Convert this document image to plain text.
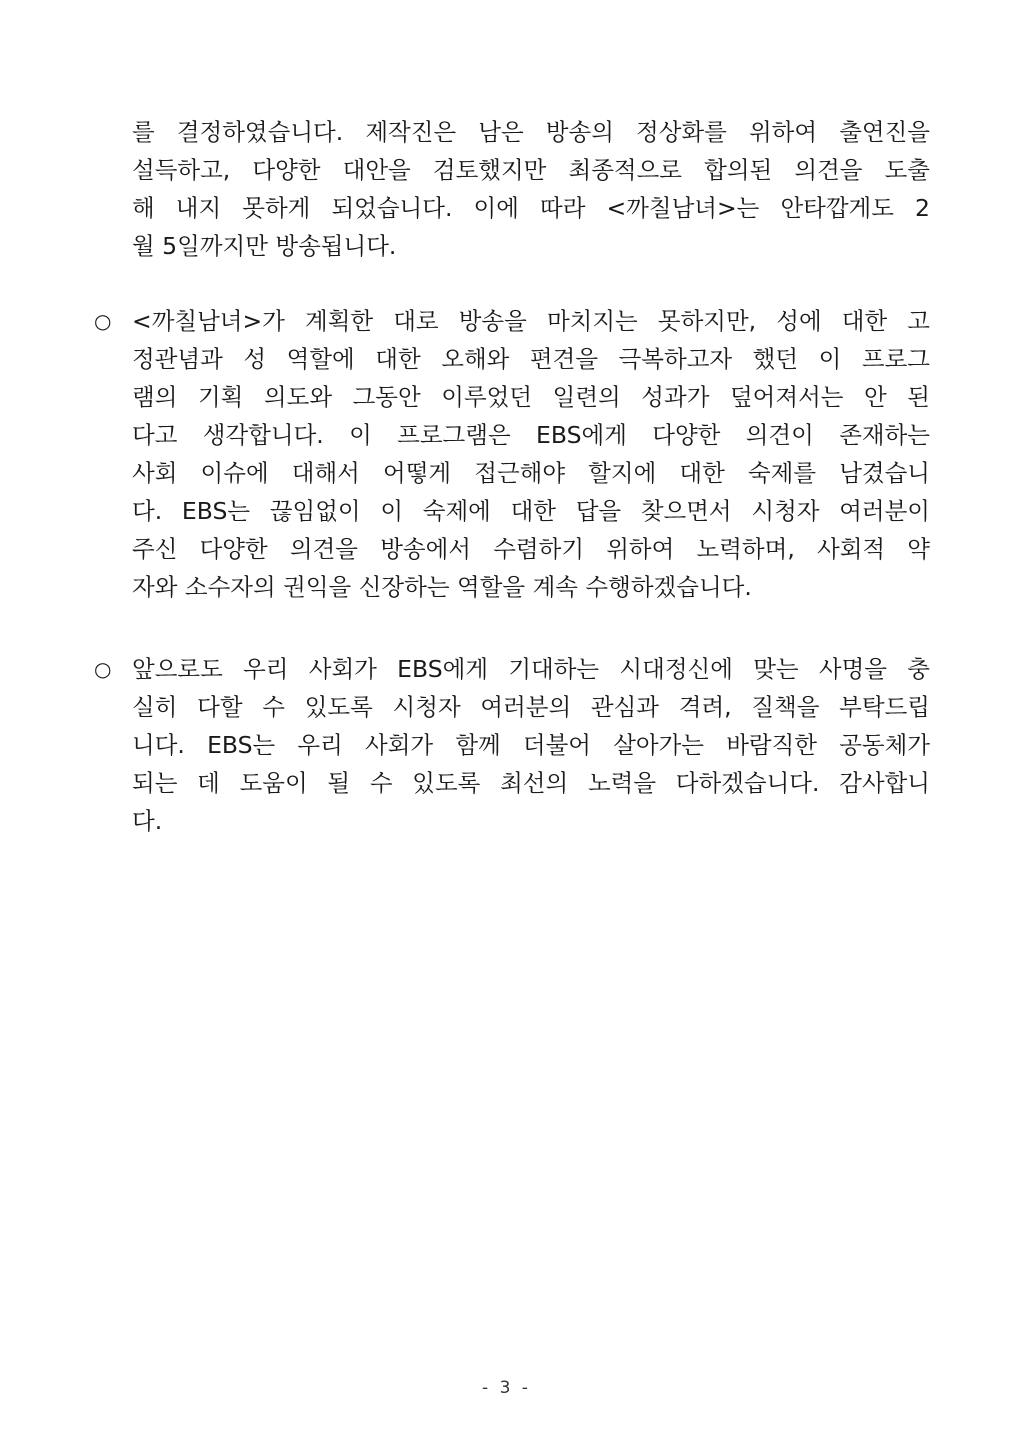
를 결정하였습니다. 제작진은 남은 방송의 정상화를 위하여 출연진을
설득하고, 다양한 대안을 검토했지만 최종적으로 합의된 의견을 도출
해 내지 못하게 되었습니다. 이에 따라 <까칠남녀>는 안타깝게도 2
월 5일까지만 방송됩니다.
○ <까칠남녀>가 계획한 대로 방송을 마치지는 못하지만, 성에 대한 고
정관념과 성 역할에 대한 오해와 편견을 극복하고자 했던 이 프로그
램의 기획 의도와 그동안 이루었던 일련의 성과가 덮어져서는 안 된
다고 생각합니다. 이 프로그램은 EBS에게 다양한 의견이 존재하는
사회 이슈에 대해서 어떻게 접근해야 할지에 대한 숙제를 남겼습니
다. EBS는 끊임없이 이 숙제에 대한 답을 찾으면서 시청자 여러분이
주신 다양한 의견을 방송에서 수렴하기 위하여 노력하며, 사회적 약
자와 소수자의 권익을 신장하는 역할을 계속 수행하겠습니다.
○ 앞으로도 우리 사회가 EBS에게 기대하는 시대정신에 맞는 사명을 충
실히 다할 수 있도록 시청자 여러분의 관심과 격려, 질책을 부탁드립
니다. EBS는 우리 사회가 함께 더불어 살아가는 바람직한 공동체가
되는 데 도움이 될 수 있도록 최선의 노력을 다하겠습니다. 감사합니
다.
- 3 -
